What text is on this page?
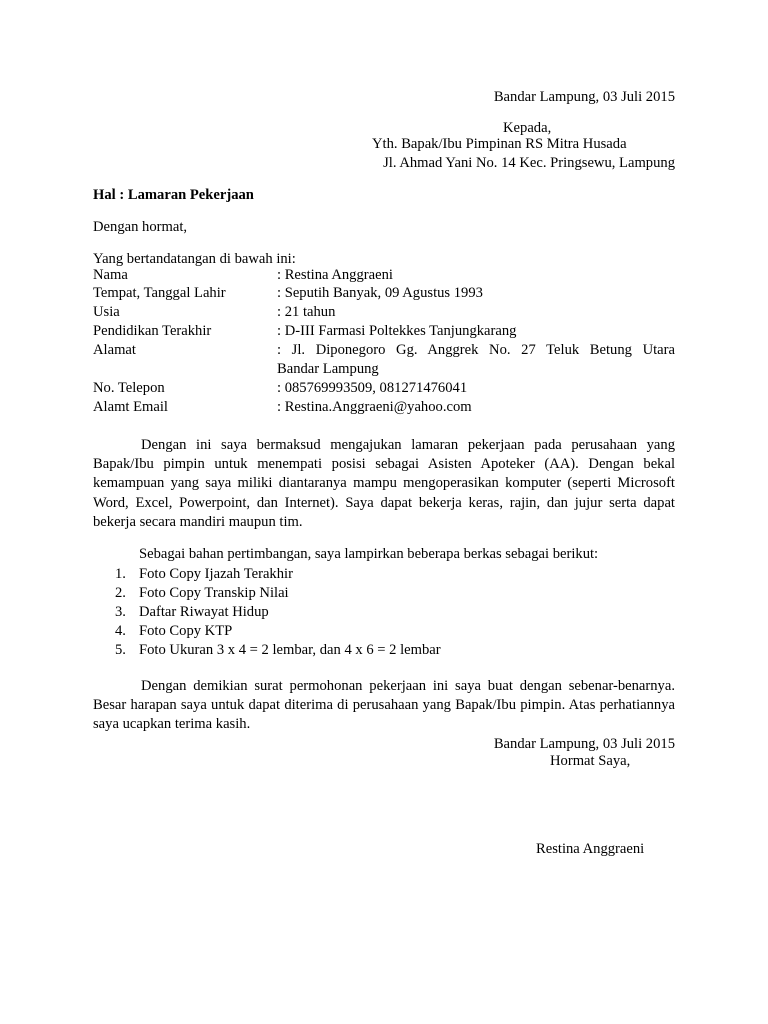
Bandar Lampung, 03 Juli 2015
Kepada,
Yth. Bapak/Ibu Pimpinan RS Mitra Husada
Jl. Ahmad Yani No. 14 Kec. Pringsewu, Lampung
Hal : Lamaran Pekerjaan
Dengan hormat,
Yang bertandatangan di bawah ini:
Nama	: Restina Anggraeni
Tempat, Tanggal Lahir	: Seputih Banyak, 09 Agustus 1993
Usia	: 21 tahun
Pendidikan Terakhir	: D-III Farmasi Poltekkes Tanjungkarang
Alamat	: Jl. Diponegoro Gg. Anggrek No. 27 Teluk Betung Utara
Bandar Lampung
No. Telepon	: 085769993509, 081271476041
Alamt Email	: Restina.Anggraeni@yahoo.com
Dengan ini saya bermaksud mengajukan lamaran pekerjaan pada perusahaan yang Bapak/Ibu pimpin untuk menempati posisi sebagai Asisten Apoteker (AA). Dengan bekal kemampuan yang saya miliki diantaranya mampu mengoperasikan komputer (seperti Microsoft Word, Excel, Powerpoint, dan Internet). Saya dapat bekerja keras, rajin, dan jujur serta dapat bekerja secara mandiri maupun tim.
Sebagai bahan pertimbangan, saya lampirkan beberapa berkas sebagai berikut:
1. Foto Copy Ijazah Terakhir
2. Foto Copy Transkip Nilai
3. Daftar Riwayat Hidup
4. Foto Copy KTP
5. Foto Ukuran 3 x 4 = 2 lembar, dan 4 x 6 = 2 lembar
Dengan demikian surat permohonan pekerjaan ini saya buat dengan sebenar-benarnya. Besar harapan saya untuk dapat diterima di perusahaan yang Bapak/Ibu pimpin. Atas perhatiannya saya ucapkan terima kasih.
Bandar Lampung, 03 Juli 2015
Hormat Saya,
Restina Anggraeni
